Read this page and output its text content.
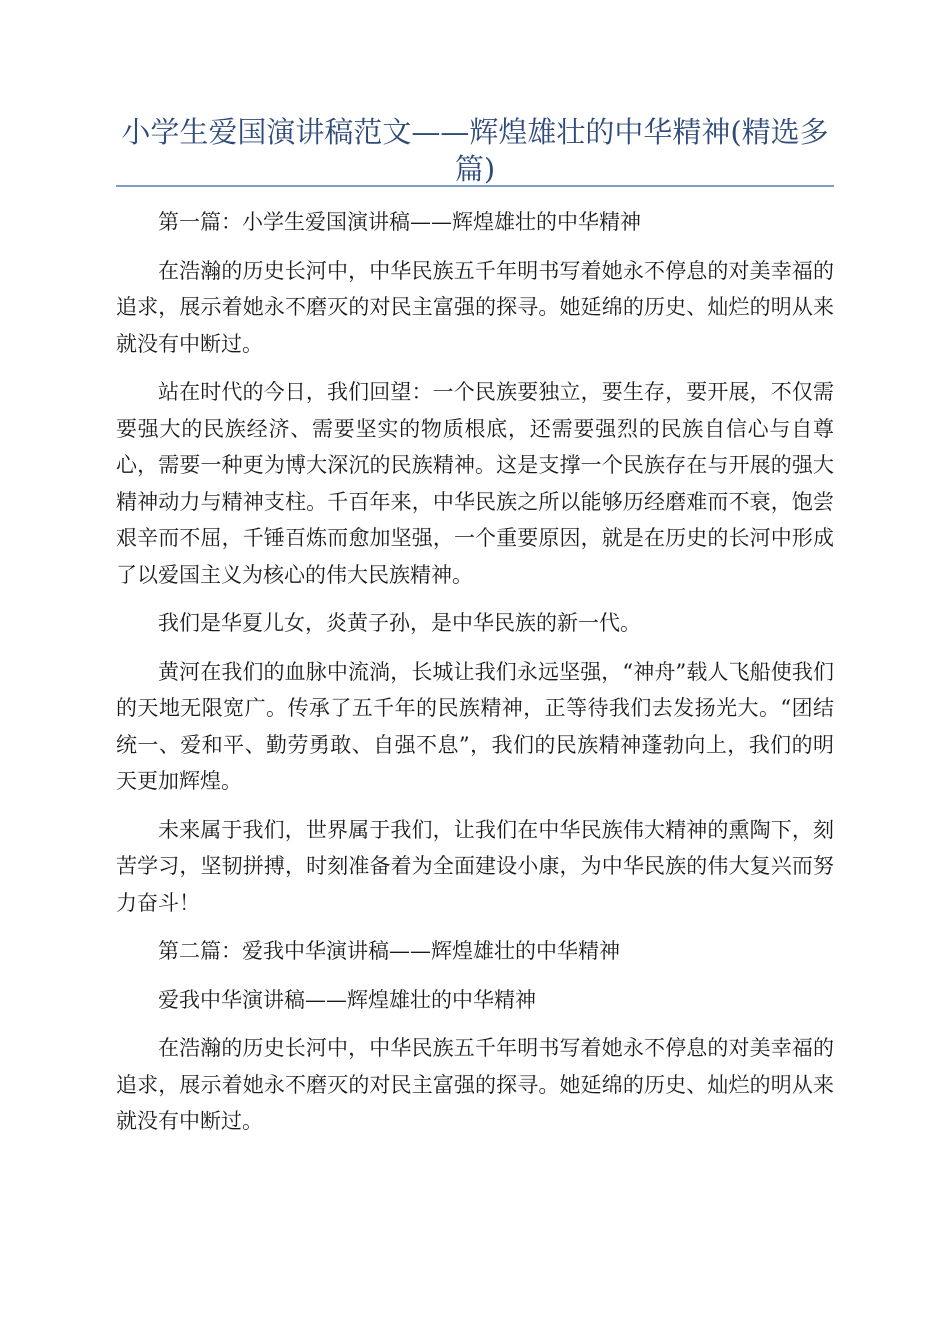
小学生爱国演讲稿范文——辉煌雄壮的中华精神(精选多篇)

第一篇：小学生爱国演讲稿——辉煌雄壮的中华精神

在浩瀚的历史长河中，中华民族五千年明书写着她永不停息的对美幸福的追求，展示着她永不磨灭的对民主富强的探寻。她延绵的历史、灿烂的明从来就没有中断过。

站在时代的今日，我们回望：一个民族要独立，要生存，要开展，不仅需要强大的民族经济、需要坚实的物质根底，还需要强烈的民族自信心与自尊心，需要一种更为博大深沉的民族精神。这是支撑一个民族存在与开展的强大精神动力与精神支柱。千百年来，中华民族之所以能够历经磨难而不衰，饱尝艰辛而不屈，千锤百炼而愈加坚强，一个重要原因，就是在历史的长河中形成了以爱国主义为核心的伟大民族精神。

我们是华夏儿女，炎黄子孙，是中华民族的新一代。

黄河在我们的血脉中流淌，长城让我们永远坚强，“神舟”载人飞船使我们的天地无限宽广。传承了五千年的民族精神，正等待我们去发扬光大。“团结统一、爱和平、勤劳勇敢、自强不息”，我们的民族精神蓬勃向上，我们的明天更加辉煌。

未来属于我们，世界属于我们，让我们在中华民族伟大精神的熏陶下，刻苦学习，坚韧拼搏，时刻准备着为全面建设小康，为中华民族的伟大复兴而努力奋斗！

第二篇：爱我中华演讲稿——辉煌雄壮的中华精神

爱我中华演讲稿——辉煌雄壮的中华精神

在浩瀚的历史长河中，中华民族五千年明书写着她永不停息的对美幸福的追求，展示着她永不磨灭的对民主富强的探寻。她延绵的历史、灿烂的明从来就没有中断过。
